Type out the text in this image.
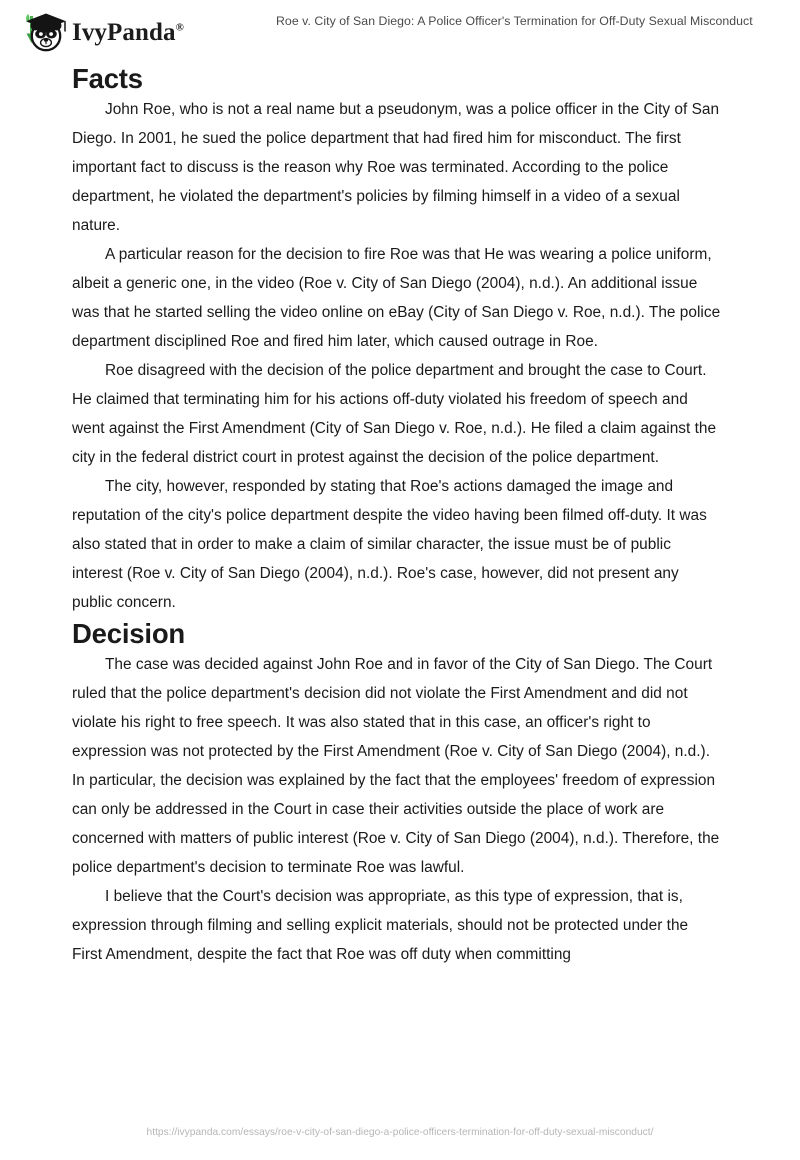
IvyPanda®	Roe v. City of San Diego: A Police Officer's Termination for Off-Duty Sexual Misconduct
Facts

John Roe, who is not a real name but a pseudonym, was a police officer in the City of San Diego. In 2001, he sued the police department that had fired him for misconduct. The first important fact to discuss is the reason why Roe was terminated. According to the police department, he violated the department's policies by filming himself in a video of a sexual nature.

A particular reason for the decision to fire Roe was that He was wearing a police uniform, albeit a generic one, in the video (Roe v. City of San Diego (2004), n.d.). An additional issue was that he started selling the video online on eBay (City of San Diego v. Roe, n.d.). The police department disciplined Roe and fired him later, which caused outrage in Roe.

Roe disagreed with the decision of the police department and brought the case to Court. He claimed that terminating him for his actions off-duty violated his freedom of speech and went against the First Amendment (City of San Diego v. Roe, n.d.). He filed a claim against the city in the federal district court in protest against the decision of the police department.

The city, however, responded by stating that Roe's actions damaged the image and reputation of the city's police department despite the video having been filmed off-duty. It was also stated that in order to make a claim of similar character, the issue must be of public interest (Roe v. City of San Diego (2004), n.d.). Roe's case, however, did not present any public concern.

Decision

The case was decided against John Roe and in favor of the City of San Diego. The Court ruled that the police department's decision did not violate the First Amendment and did not violate his right to free speech. It was also stated that in this case, an officer's right to expression was not protected by the First Amendment (Roe v. City of San Diego (2004), n.d.). In particular, the decision was explained by the fact that the employees' freedom of expression can only be addressed in the Court in case their activities outside the place of work are concerned with matters of public interest (Roe v. City of San Diego (2004), n.d.). Therefore, the police department's decision to terminate Roe was lawful.

I believe that the Court's decision was appropriate, as this type of expression, that is, expression through filming and selling explicit materials, should not be protected under the First Amendment, despite the fact that Roe was off duty when committing

https://ivypanda.com/essays/roe-v-city-of-san-diego-a-police-officers-termination-for-off-duty-sexual-misconduct/
